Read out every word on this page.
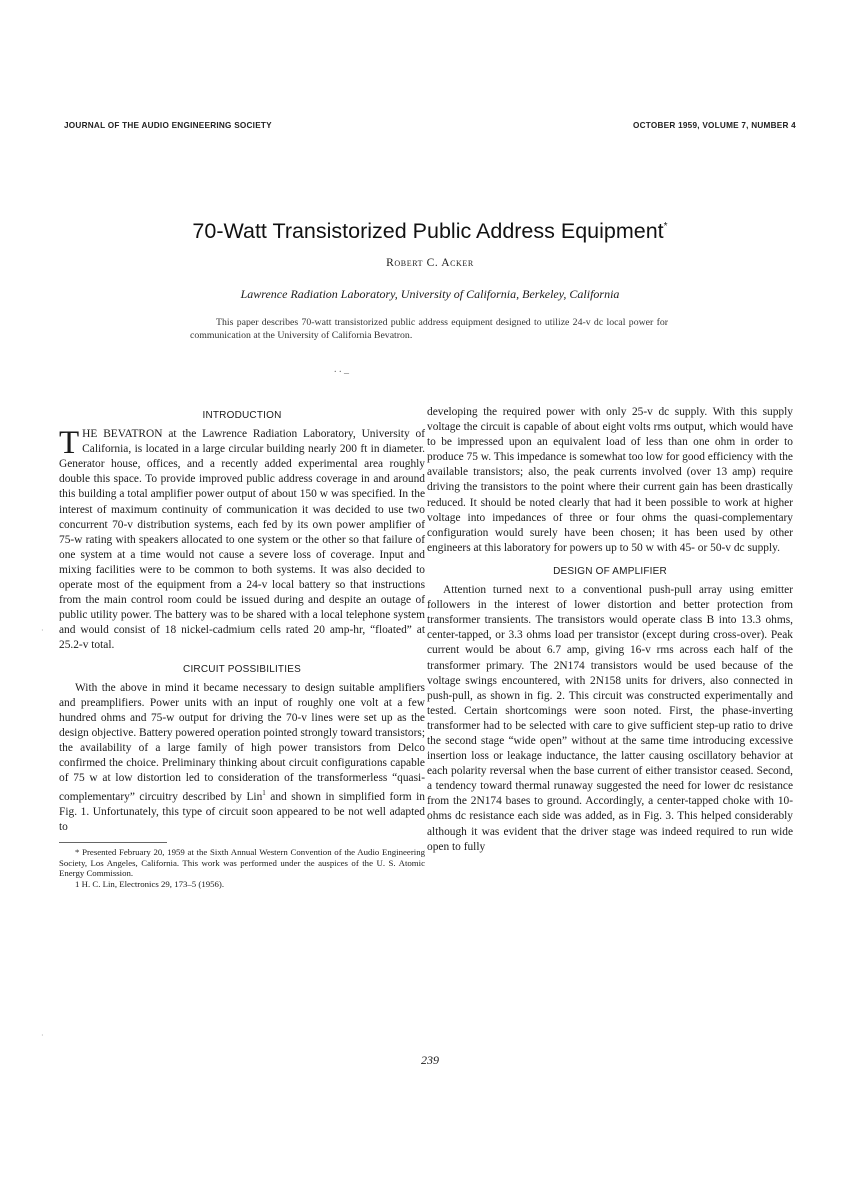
JOURNAL OF THE AUDIO ENGINEERING SOCIETY	OCTOBER 1959, VOLUME 7, NUMBER 4
70-Watt Transistorized Public Address Equipment*
Robert C. Acker
Lawrence Radiation Laboratory, University of California, Berkeley, California
This paper describes 70-watt transistorized public address equipment designed to utilize 24-v dc local power for communication at the University of California Bevatron.
. . _
INTRODUCTION

THE BEVATRON at the Lawrence Radiation Laboratory, University of California, is located in a large circular building nearly 200 ft in diameter. Generator house, offices, and a recently added experimental area roughly double this space. To provide improved public address coverage in and around this building a total amplifier power output of about 150 w was specified. In the interest of maximum continuity of communication it was decided to use two concurrent 70-v distribution systems, each fed by its own power amplifier of 75-w rating with speakers allocated to one system or the other so that failure of one system at a time would not cause a severe loss of coverage. Input and mixing facilities were to be common to both systems. It was also decided to operate most of the equipment from a 24-v local battery so that instructions from the main control room could be issued during and despite an outage of public utility power. The battery was to be shared with a local telephone system and would consist of 18 nickel-cadmium cells rated 20 amp-hr, “floated” at 25.2-v total.

CIRCUIT POSSIBILITIES

With the above in mind it became necessary to design suitable amplifiers and preamplifiers. Power units with an input of roughly one volt at a few hundred ohms and 75-w output for driving the 70-v lines were set up as the design objective. Battery powered operation pointed strongly toward transistors; the availability of a large family of high power transistors from Delco confirmed the choice. Preliminary thinking about circuit configurations capable of 75 w at low distortion led to consideration of the transformerless “quasi-complementary” circuitry described by Lin$^1$ and shown in simplified form in Fig. 1. Unfortunately, this type of circuit soon appeared to be not well adapted to

* Presented February 20, 1959 at the Sixth Annual Western Convention of the Audio Engineering Society, Los Angeles, California. This work was performed under the auspices of the U. S. Atomic Energy Commission.

1 H. C. Lin, Electronics 29, 173–5 (1956).

developing the required power with only 25-v dc supply. With this supply voltage the circuit is capable of about eight volts rms output, which would have to be impressed upon an equivalent load of less than one ohm in order to produce 75 w. This impedance is somewhat too low for good efficiency with the available transistors; also, the peak currents involved (over 13 amp) require driving the transistors to the point where their current gain has been drastically reduced. It should be noted clearly that had it been possible to work at higher voltage into impedances of three or four ohms the quasi-complementary configuration would surely have been chosen; it has been used by other engineers at this laboratory for powers up to 50 w with 45- or 50-v dc supply.

DESIGN OF AMPLIFIER

Attention turned next to a conventional push-pull array using emitter followers in the interest of lower distortion and better protection from transformer transients. The transistors would operate class B into 13.3 ohms, center-tapped, or 3.3 ohms load per transistor (except during cross-over). Peak current would be about 6.7 amp, giving 16-v rms across each half of the transformer primary. The 2N174 transistors would be used because of the voltage swings encountered, with 2N158 units for drivers, also connected in push-pull, as shown in fig. 2. This circuit was constructed experimentally and tested. Certain shortcomings were soon noted. First, the phase-inverting transformer had to be selected with care to give sufficient step-up ratio to drive the second stage “wide open” without at the same time introducing excessive insertion loss or leakage inductance, the latter causing oscillatory behavior at each polarity reversal when the base current of either transistor ceased. Second, a tendency toward thermal runaway suggested the need for lower dc resistance from the 2N174 bases to ground. Accordingly, a center-tapped choke with 10-ohms dc resistance each side was added, as in Fig. 3. This helped considerably although it was evident that the driver stage was indeed required to run wide open to fully

239
·
·
